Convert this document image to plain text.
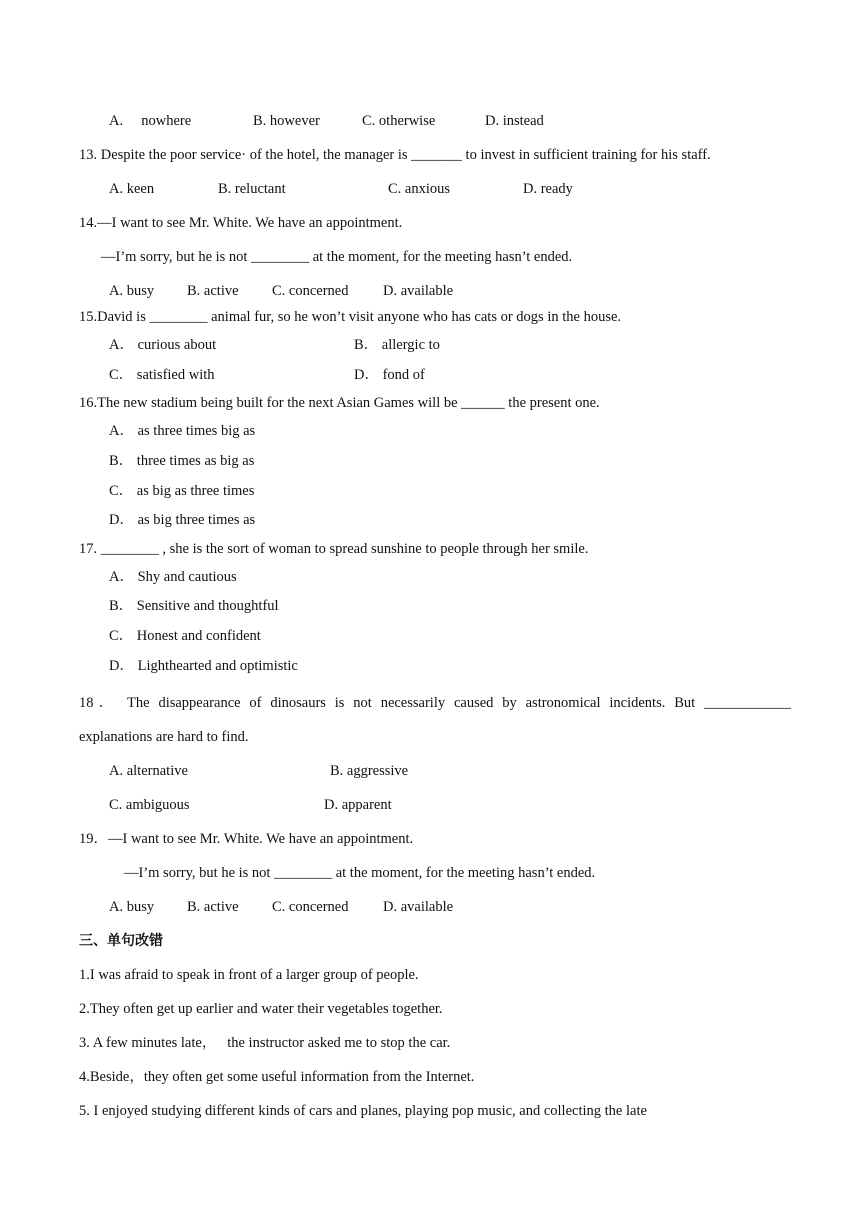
A.     nowhere	B. however	C. otherwise	D. instead
13. Despite the poor service· of the hotel, the manager is _______ to invest in sufficient training for his staff.
A. keen	B. reluctant	C. anxious	D. ready
14.—I want to see Mr. White. We have an appointment.
—I’m sorry, but he is not ________ at the moment, for the meeting hasn’t ended.
A. busy B. active C. concerned D. available
15.David is ________ animal fur, so he won’t visit anyone who has cats or dogs in the house.
A． curious about	B． allergic to
C． satisfied with	D． fond of
16.The new stadium being built for the next Asian Games will be ______ the present one.
A． as three times big as
B． three times as big as
C． as big as three times
D． as big three times as
17. ________ , she is the sort of woman to spread sunshine to people through her smile.
A． Shy and cautious
B． Sensitive and thoughtful
C． Honest and confident
D． Lighthearted and optimistic
18． The disappearance of dinosaurs is not necessarily caused by astronomical incidents. But ____________
explanations are hard to find.
A. alternative	B. aggressive
C. ambiguous	D. apparent
19．—I want to see Mr. White. We have an appointment.
—I’m sorry, but he is not ________ at the moment, for the meeting hasn’t ended.
A. busy B. active C. concerned D. available
三、单句改错
1.I was afraid to speak in front of a larger group of people.
2.They often get up earlier and water their vegetables together.
3. A few minutes late，   the instructor asked me to stop the car.
4.Beside，they often get some useful information from the Internet.
5. I enjoyed studying different kinds of cars and planes, playing pop music, and collecting the late
